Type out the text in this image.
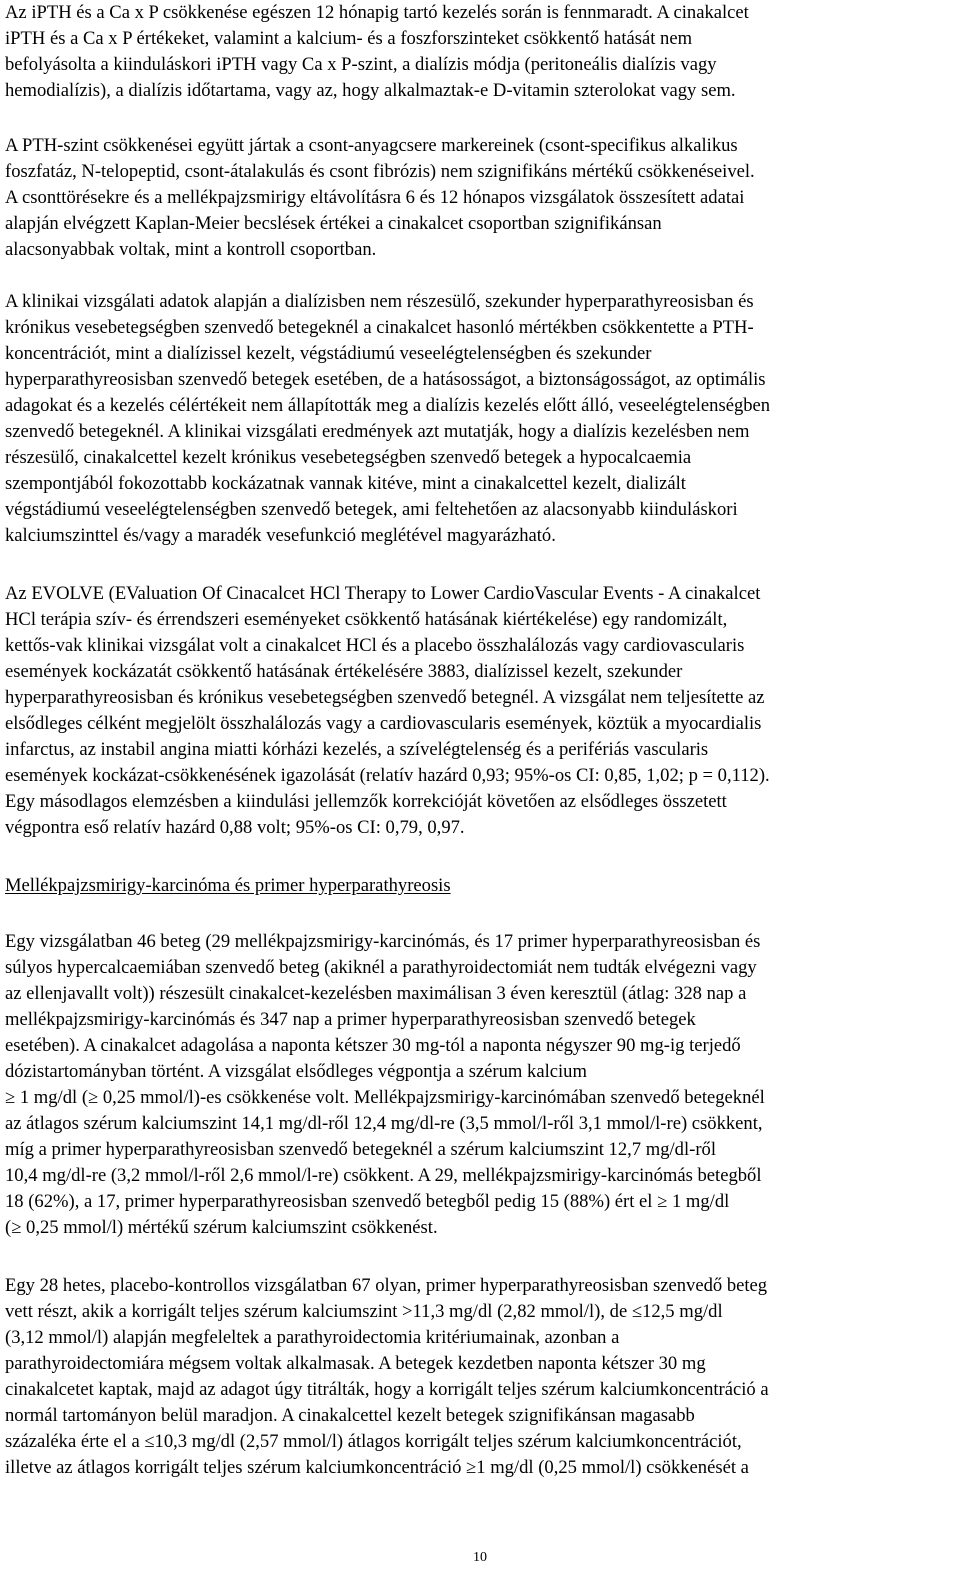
Az iPTH és a Ca x P csökkenése egészen 12 hónapig tartó kezelés során is fennmaradt. A cinakalcet
iPTH és a Ca x P értékeket, valamint a kalcium- és a foszforszinteket csökkentő hatását nem
befolyásolta a kiinduláskori iPTH vagy Ca x P-szint, a dialízis módja (peritoneális dialízis vagy
hemodialízis), a dialízis időtartama, vagy az, hogy alkalmaztak-e D-vitamin szterolokat vagy sem.
A PTH-szint csökkenései együtt jártak a csont-anyagcsere markereinek (csont-specifikus alkalikus
foszfatáz, N-telopeptid, csont-átalakulás és csont fibrózis) nem szignifikáns mértékű csökkenéseivel.
A csonttörésekre és a mellékpajzsmirigy eltávolításra 6 és 12 hónapos vizsgálatok összesített adatai
alapján elvégzett Kaplan-Meier becslések értékei a cinakalcet csoportban szignifikánsan
alacsonyabbak voltak, mint a kontroll csoportban.
A klinikai vizsgálati adatok alapján a dialízisben nem részesülő, szekunder hyperparathyreosisban és
krónikus vesebetegségben szenvedő betegeknél a cinakalcet hasonló mértékben csökkentette a PTH-
koncentrációt, mint a dialízissel kezelt, végstádiumú veseelégtelenségben és szekunder
hyperparathyreosisban szenvedő betegek esetében, de a hatásosságot, a biztonságosságot, az optimális
adagokat és a kezelés célértékeit nem állapították meg a dialízis kezelés előtt álló, veseelégtelenségben
szenvedő betegeknél. A klinikai vizsgálati eredmények azt mutatják, hogy a dialízis kezelésben nem
részesülő, cinakalcettel kezelt krónikus vesebetegségben szenvedő betegek a hypocalcaemia
szempontjából fokozottabb kockázatnak vannak kitéve, mint a cinakalcettel kezelt, dializált
végstádiumú veseelégtelenségben szenvedő betegek, ami feltehetően az alacsonyabb kiinduláskori
kalciumszinttel és/vagy a maradék vesefunkció meglétével magyarázható.
Az EVOLVE (EValuation Of Cinacalcet HCl Therapy to Lower CardioVascular Events - A cinakalcet
HCl terápia szív- és érrendszeri eseményeket csökkentő hatásának kiértékelése) egy randomizált,
kettős-vak klinikai vizsgálat volt a cinakalcet HCl és a placebo összhalálozás vagy cardiovascularis
események kockázatát csökkentő hatásának értékelésére 3883, dialízissel kezelt, szekunder
hyperparathyreosisban és krónikus vesebetegségben szenvedő betegnél. A vizsgálat nem teljesítette az
elsődleges célként megjelölt összhalálozás vagy a cardiovascularis események, köztük a myocardialis
infarctus, az instabil angina miatti kórházi kezelés, a szívelégtelenség és a perifériás vascularis
események kockázat-csökkenésének igazolását (relatív hazárd 0,93; 95%-os CI: 0,85, 1,02; p = 0,112).
Egy másodlagos elemzésben a kiindulási jellemzők korrekcióját követően az elsődleges összetett
végpontra eső relatív hazárd 0,88 volt; 95%-os CI: 0,79, 0,97.
Mellékpajzsmirigy-karcinóma és primer hyperparathyreosis
Egy vizsgálatban 46 beteg (29 mellékpajzsmirigy-karcinómás, és 17 primer hyperparathyreosisban és
súlyos hypercalcaemiában szenvedő beteg (akiknél a parathyroidectomiát nem tudták elvégezni vagy
az ellenjavallt volt)) részesült cinakalcet-kezelésben maximálisan 3 éven keresztül (átlag: 328 nap a
mellékpajzsmirigy-karcinómás és 347 nap a primer hyperparathyreosisban szenvedő betegek
esetében). A cinakalcet adagolása a naponta kétszer 30 mg-tól a naponta négyszer 90 mg-ig terjedő
dózistartományban történt. A vizsgálat elsődleges végpontja a szérum kalcium
≥ 1 mg/dl (≥ 0,25 mmol/l)-es csökkenése volt. Mellékpajzsmirigy-karcinómában szenvedő betegeknél
az átlagos szérum kalciumszint 14,1 mg/dl-ről 12,4 mg/dl-re (3,5 mmol/l-ről 3,1 mmol/l-re) csökkent,
míg a primer hyperparathyreosisban szenvedő betegeknél a szérum kalciumszint 12,7 mg/dl-ről
10,4 mg/dl-re (3,2 mmol/l-ről 2,6 mmol/l-re) csökkent. A 29, mellékpajzsmirigy-karcinómás betegből
18 (62%), a 17, primer hyperparathyreosisban szenvedő betegből pedig 15 (88%) ért el ≥ 1 mg/dl
(≥ 0,25 mmol/l) mértékű szérum kalciumszint csökkenést.
Egy 28 hetes, placebo-kontrollos vizsgálatban 67 olyan, primer hyperparathyreosisban szenvedő beteg
vett részt, akik a korrigált teljes szérum kalciumszint >11,3 mg/dl (2,82 mmol/l), de ≤12,5 mg/dl
(3,12 mmol/l) alapján megfeleltek a parathyroidectomia kritériumainak, azonban a
parathyroidectomiára mégsem voltak alkalmasak. A betegek kezdetben naponta kétszer 30 mg
cinakalcetet kaptak, majd az adagot úgy titrálták, hogy a korrigált teljes szérum kalciumkoncentráció a
normál tartományon belül maradjon. A cinakalcettel kezelt betegek szignifikánsan magasabb
százaléka érte el a ≤10,3 mg/dl (2,57 mmol/l) átlagos korrigált teljes szérum kalciumkoncentrációt,
illetve az átlagos korrigált teljes szérum kalciumkoncentráció ≥1 mg/dl (0,25 mmol/l) csökkenését a
10
